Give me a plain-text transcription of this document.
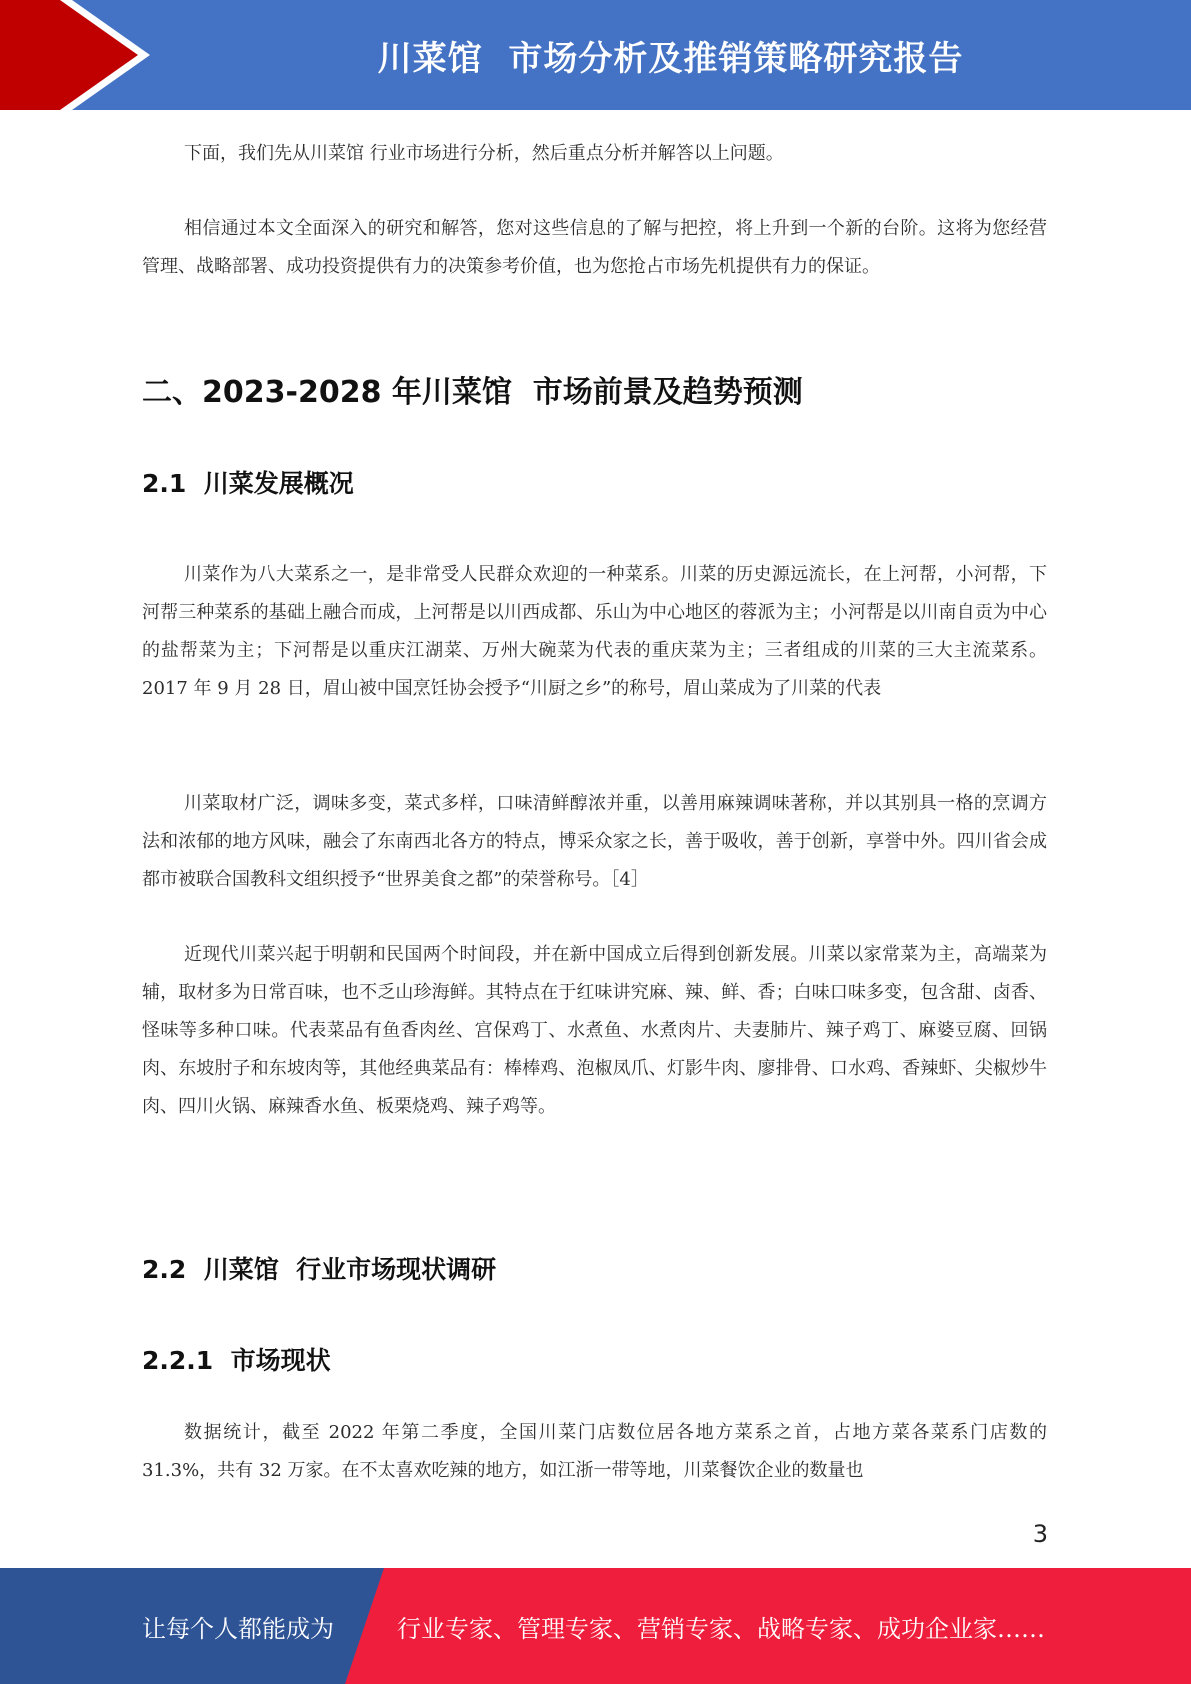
川菜馆  市场分析及推销策略研究报告

下面，我们先从川菜馆 行业市场进行分析，然后重点分析并解答以上问题。

相信通过本文全面深入的研究和解答，您对这些信息的了解与把控，将上升到一个新的台阶。这将为您经营管理、战略部署、成功投资提供有力的决策参考价值，也为您抢占市场先机提供有力的保证。

二、2023-2028 年川菜馆  市场前景及趋势预测
2.1  川菜发展概况

川菜作为八大菜系之一，是非常受人民群众欢迎的一种菜系。川菜的历史源远流长，在上河帮，小河帮，下河帮三种菜系的基础上融合而成，上河帮是以川西成都、乐山为中心地区的蓉派为主；小河帮是以川南自贡为中心的盐帮菜为主；下河帮是以重庆江湖菜、万州大碗菜为代表的重庆菜为主；三者组成的川菜的三大主流菜系。2017 年 9 月 28 日，眉山被中国烹饪协会授予“川厨之乡”的称号，眉山菜成为了川菜的代表

川菜取材广泛，调味多变，菜式多样，口味清鲜醇浓并重，以善用麻辣调味著称，并以其别具一格的烹调方法和浓郁的地方风味，融会了东南西北各方的特点，博采众家之长，善于吸收，善于创新，享誉中外。四川省会成都市被联合国教科文组织授予“世界美食之都”的荣誉称号。［4］

近现代川菜兴起于明朝和民国两个时间段，并在新中国成立后得到创新发展。川菜以家常菜为主，高端菜为辅，取材多为日常百味，也不乏山珍海鲜。其特点在于红味讲究麻、辣、鲜、香；白味口味多变，包含甜、卤香、怪味等多种口味。代表菜品有鱼香肉丝、宫保鸡丁、水煮鱼、水煮肉片、夫妻肺片、辣子鸡丁、麻婆豆腐、回锅肉、东坡肘子和东坡肉等，其他经典菜品有：棒棒鸡、泡椒凤爪、灯影牛肉、廖排骨、口水鸡、香辣虾、尖椒炒牛肉、四川火锅、麻辣香水鱼、板栗烧鸡、辣子鸡等。

2.2  川菜馆  行业市场现状调研
2.2.1  市场现状

数据统计，截至 2022 年第二季度，全国川菜门店数位居各地方菜系之首，占地方菜各菜系门店数的 31.3%，共有 32 万家。在不太喜欢吃辣的地方，如江浙一带等地，川菜餐饮企业的数量也

3
让每个人都能成为	行业专家、管理专家、营销专家、战略专家、成功企业家……
